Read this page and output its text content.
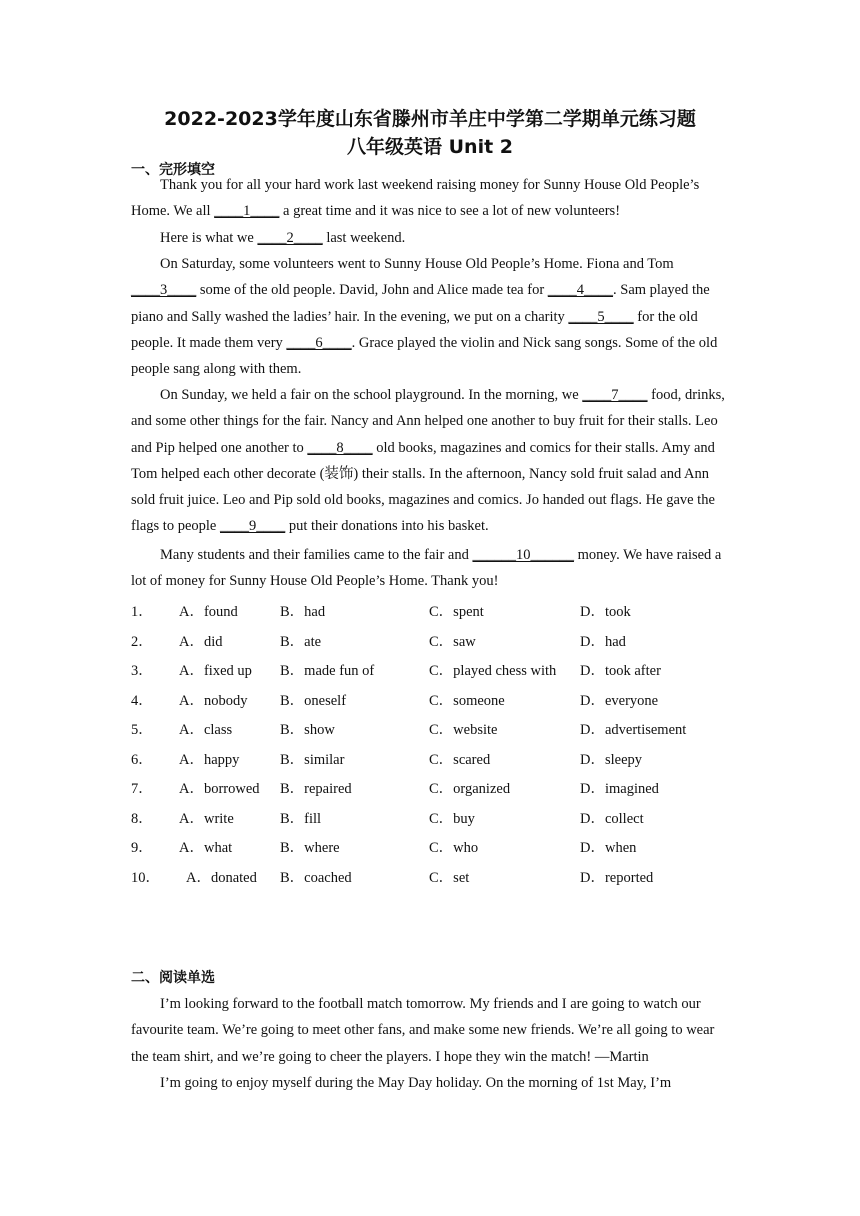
2022-2023学年度山东省滕州市羊庄中学第二学期单元练习题
八年级英语 Unit 2
一、完形填空
Thank you for all your hard work last weekend raising money for Sunny House Old People’s Home. We all ____1____ a great time and it was nice to see a lot of new volunteers!
Here is what we ____2____ last weekend.
On Saturday, some volunteers went to Sunny House Old People’s Home. Fiona and Tom ____3____ some of the old people. David, John and Alice made tea for ____4____. Sam played the piano and Sally washed the ladies’ hair. In the evening, we put on a charity ____5____ for the old people. It made them very ____6____. Grace played the violin and Nick sang songs. Some of the old people sang along with them.
On Sunday, we held a fair on the school playground. In the morning, we ____7____ food, drinks, and some other things for the fair. Nancy and Ann helped one another to buy fruit for their stalls. Leo and Pip helped one another to ____8____ old books, magazines and comics for their stalls. Amy and Tom helped each other decorate (装饰) their stalls. In the afternoon, Nancy sold fruit salad and Ann sold fruit juice. Leo and Pip sold old books, magazines and comics. Jo handed out flags. He gave the flags to people ____9____ put their donations into his basket.
Many students and their families came to the fair and ______10______ money. We have raised a lot of money for Sunny House Old People’s Home. Thank you!
1． A．found	B．had	C．spent	D．took
2． A．did	B．ate	C．saw	D．had
3． A．fixed up B．made fun of	C．played chess with D．took after
4． A．nobody B．oneself	C．someone	D．everyone
5． A．class	B．show	C．website	D．advertisement
6． A．happy	B．similar	C．scared	D．sleepy
7． A．borrowed B．repaired	C．organized	D．imagined
8． A．write	B．fill	C．buy	D．collect
9． A．what	B．where	C．who	D．when
10． A．donated B．coached	C．set	D．reported
二、阅读单选
I’m looking forward to the football match tomorrow. My friends and I are going to watch our favourite team. We’re going to meet other fans, and make some new friends. We’re all going to wear the team shirt, and we’re going to cheer the players. I hope they win the match! —Martin
I’m going to enjoy myself during the May Day holiday. On the morning of 1st May, I’m
